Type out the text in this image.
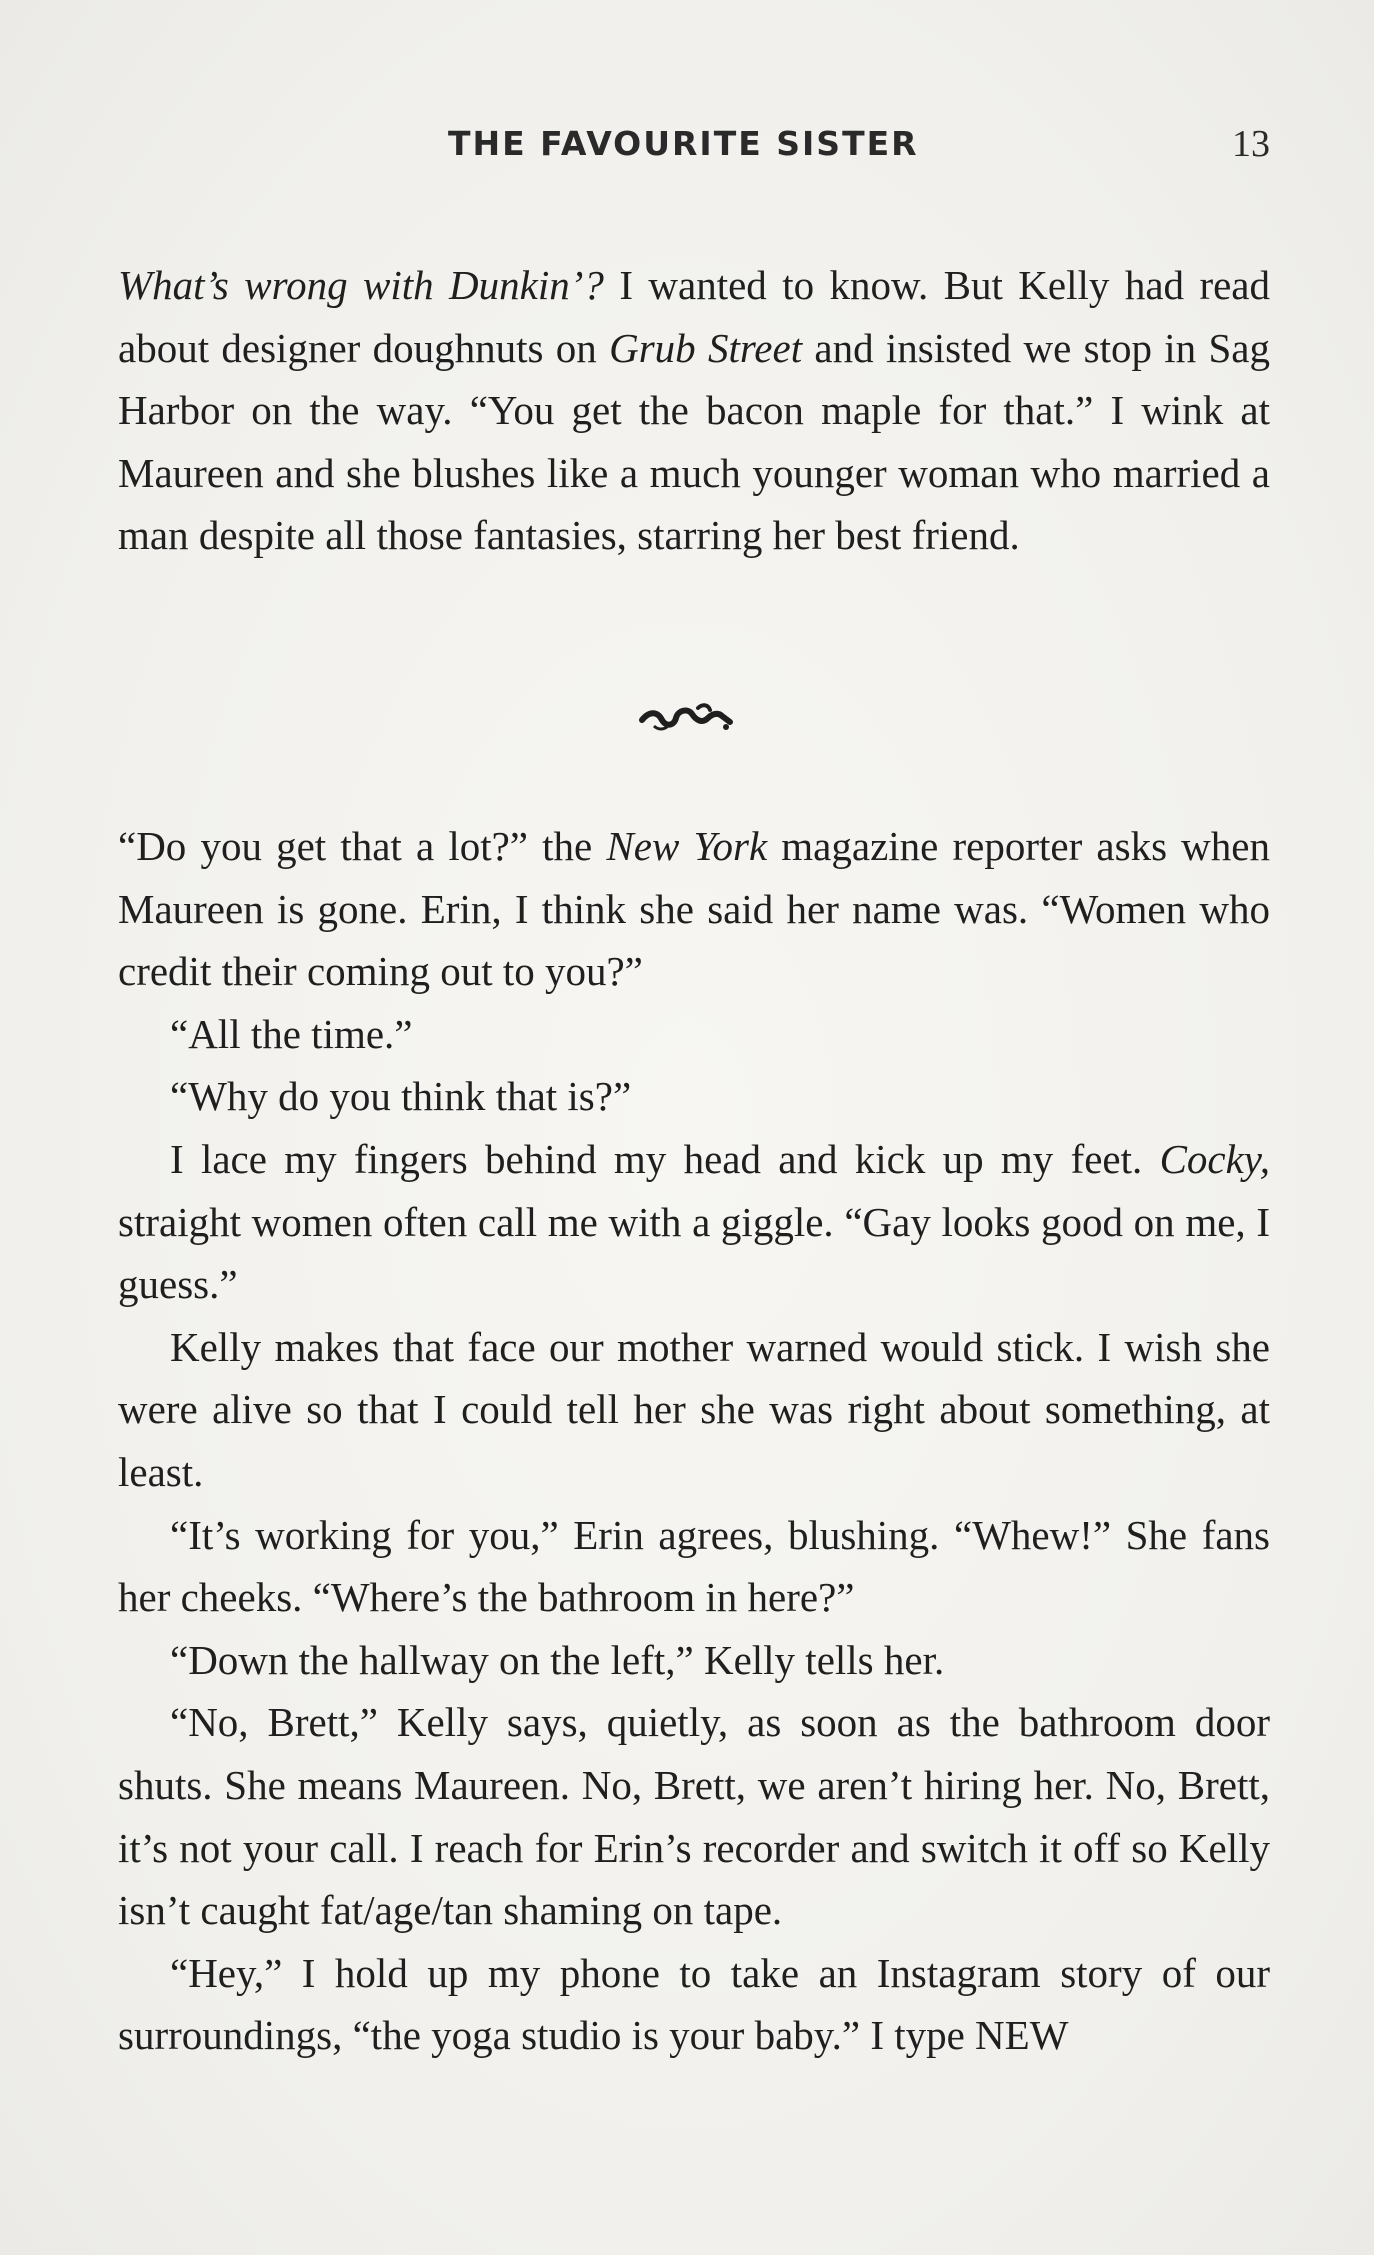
THE FAVOURITE SISTER	13

What’s wrong with Dunkin’? I wanted to know. But Kelly had read about designer doughnuts on Grub Street and insisted we stop in Sag Harbor on the way. “You get the bacon maple for that.” I wink at Maureen and she blushes like a much younger woman who married a man despite all those fantasies, starring her best friend.

“Do you get that a lot?” the New York magazine reporter asks when Maureen is gone. Erin, I think she said her name was. “Women who credit their coming out to you?”

“All the time.”

“Why do you think that is?”

I lace my fingers behind my head and kick up my feet. Cocky, straight women often call me with a giggle. “Gay looks good on me, I guess.”

Kelly makes that face our mother warned would stick. I wish she were alive so that I could tell her she was right about something, at least.

“It’s working for you,” Erin agrees, blushing. “Whew!” She fans her cheeks. “Where’s the bathroom in here?”

“Down the hallway on the left,” Kelly tells her.

“No, Brett,” Kelly says, quietly, as soon as the bathroom door shuts. She means Maureen. No, Brett, we aren’t hiring her. No, Brett, it’s not your call. I reach for Erin’s recorder and switch it off so Kelly isn’t caught fat/age/tan shaming on tape.

“Hey,” I hold up my phone to take an Instagram story of our surroundings, “the yoga studio is your baby.” I type NEW
